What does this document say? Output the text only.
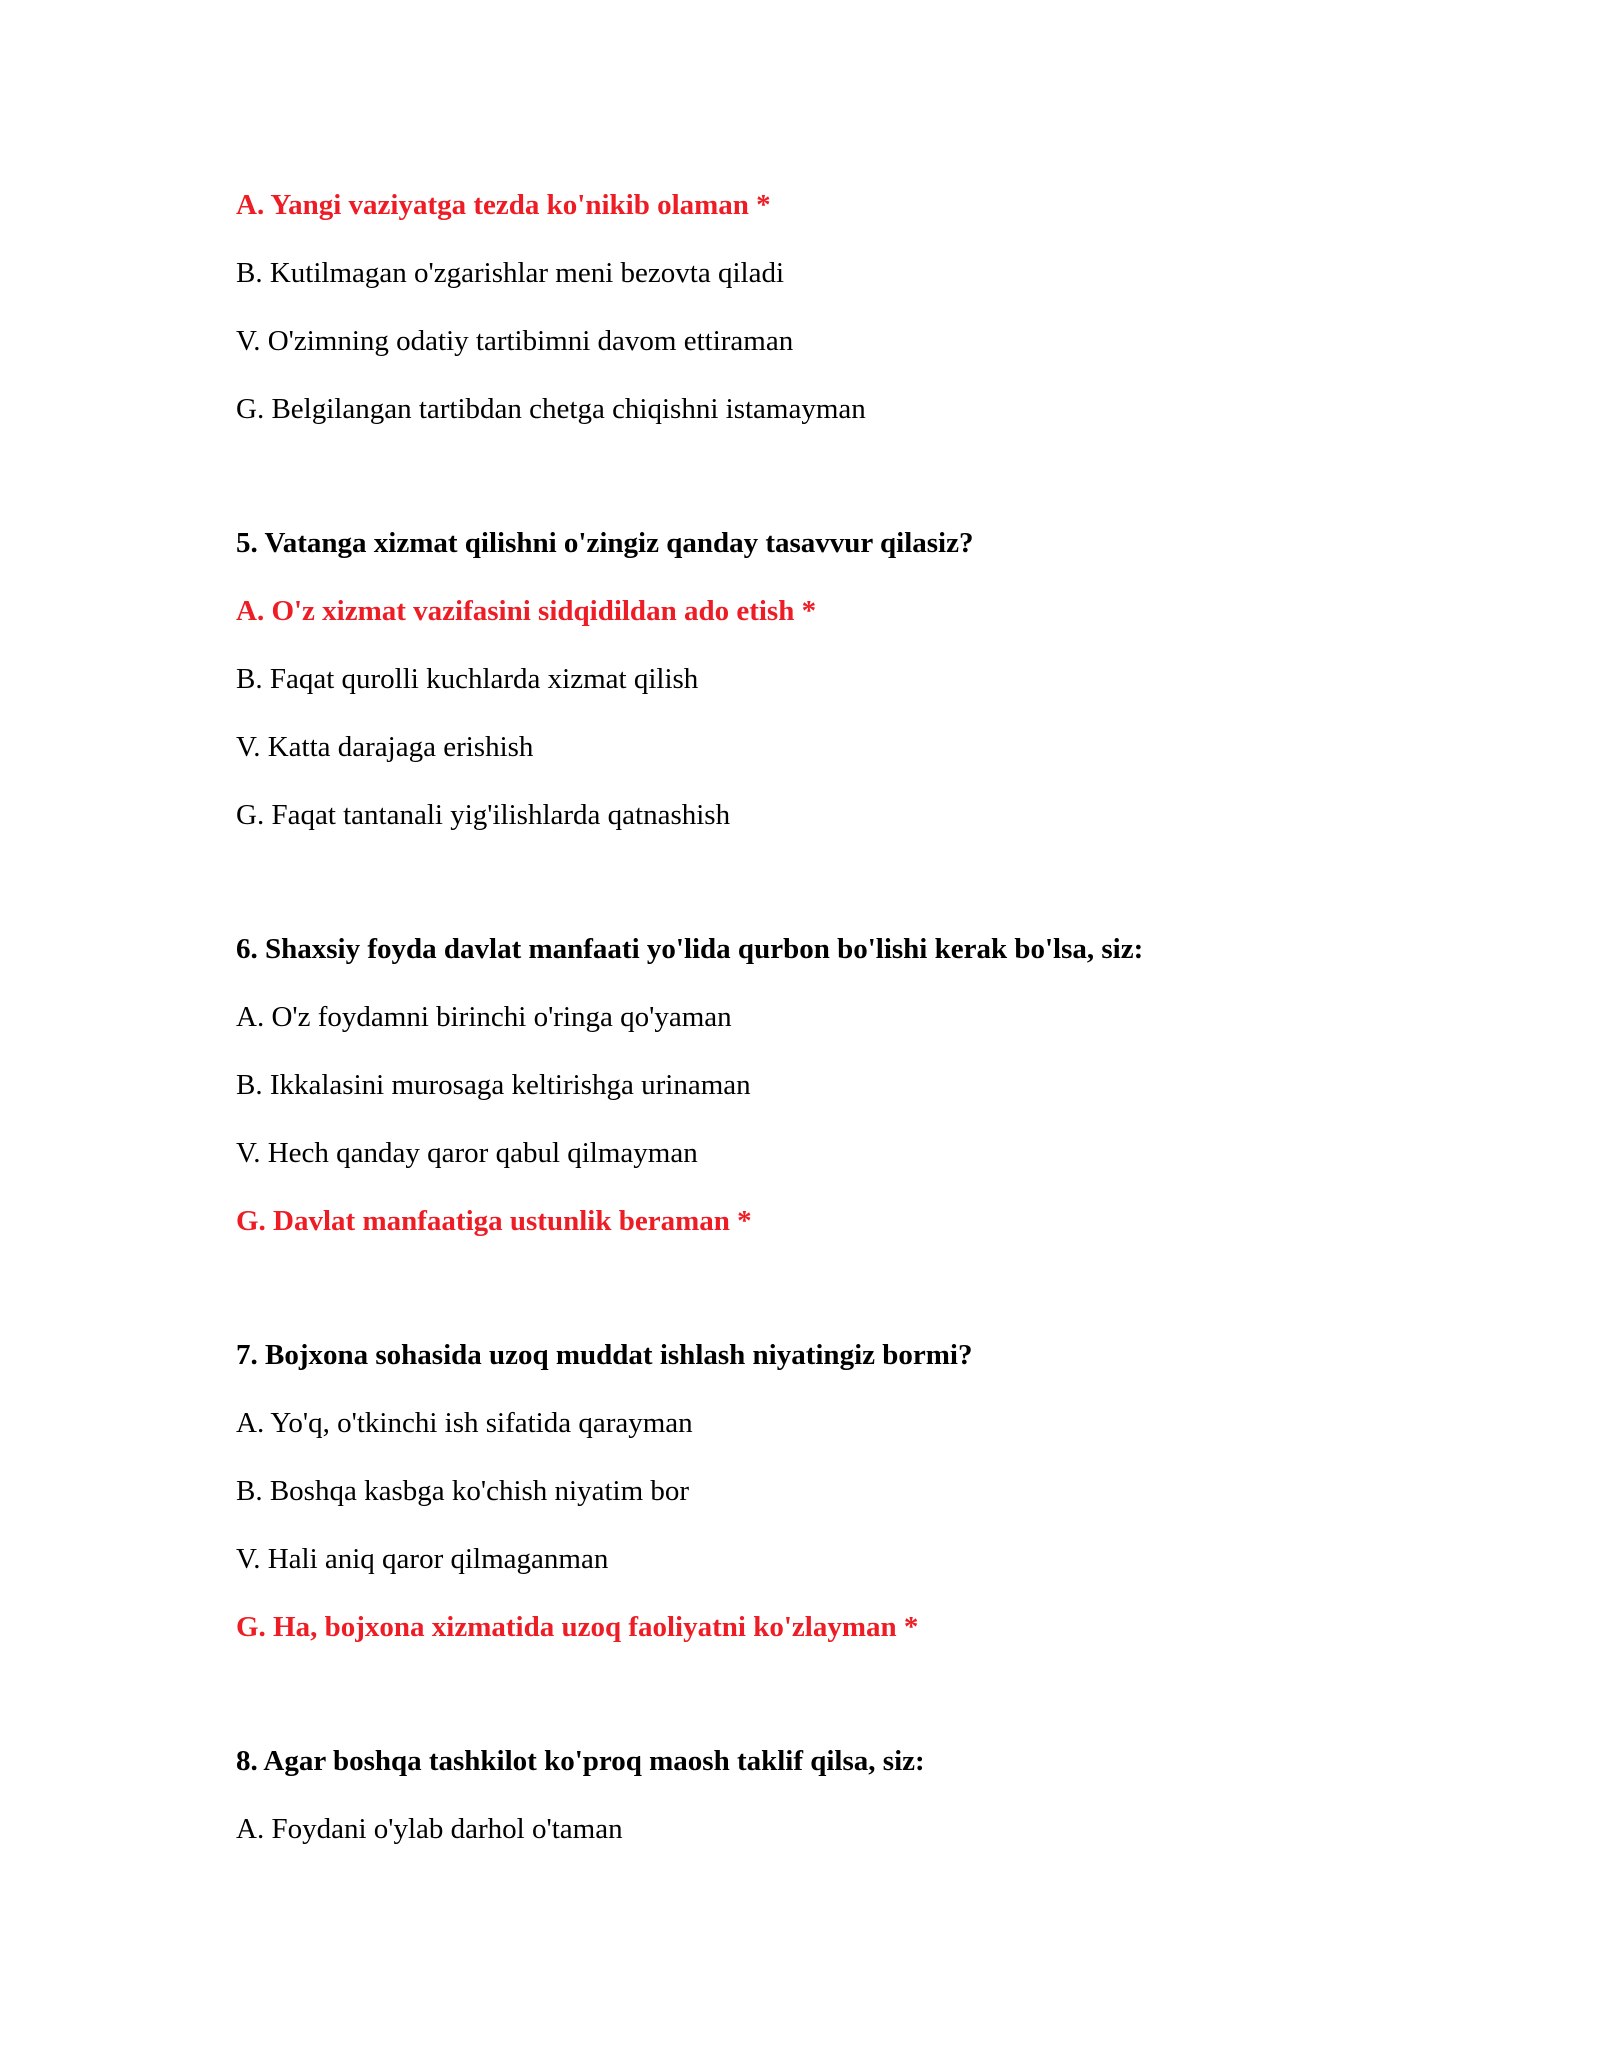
A. Yangi vaziyatga tezda ko'nikib olaman *
B. Kutilmagan o'zgarishlar meni bezovta qiladi
V. O'zimning odatiy tartibimni davom ettiraman
G. Belgilangan tartibdan chetga chiqishni istamayman
5. Vatanga xizmat qilishni o'zingiz qanday tasavvur qilasiz?
A. O'z xizmat vazifasini sidqidildan ado etish *
B. Faqat qurolli kuchlarda xizmat qilish
V. Katta darajaga erishish
G. Faqat tantanali yig'ilishlarda qatnashish
6. Shaxsiy foyda davlat manfaati yo'lida qurbon bo'lishi kerak bo'lsa, siz:
A. O'z foydamni birinchi o'ringa qo'yaman
B. Ikkalasini murosaga keltirishga urinaman
V. Hech qanday qaror qabul qilmayman
G. Davlat manfaatiga ustunlik beraman *
7. Bojxona sohasida uzoq muddat ishlash niyatingiz bormi?
A. Yo'q, o'tkinchi ish sifatida qarayman
B. Boshqa kasbga ko'chish niyatim bor
V. Hali aniq qaror qilmaganman
G. Ha, bojxona xizmatida uzoq faoliyatni ko'zlayman *
8. Agar boshqa tashkilot ko'proq maosh taklif qilsa, siz:
A. Foydani o'ylab darhol o'taman
